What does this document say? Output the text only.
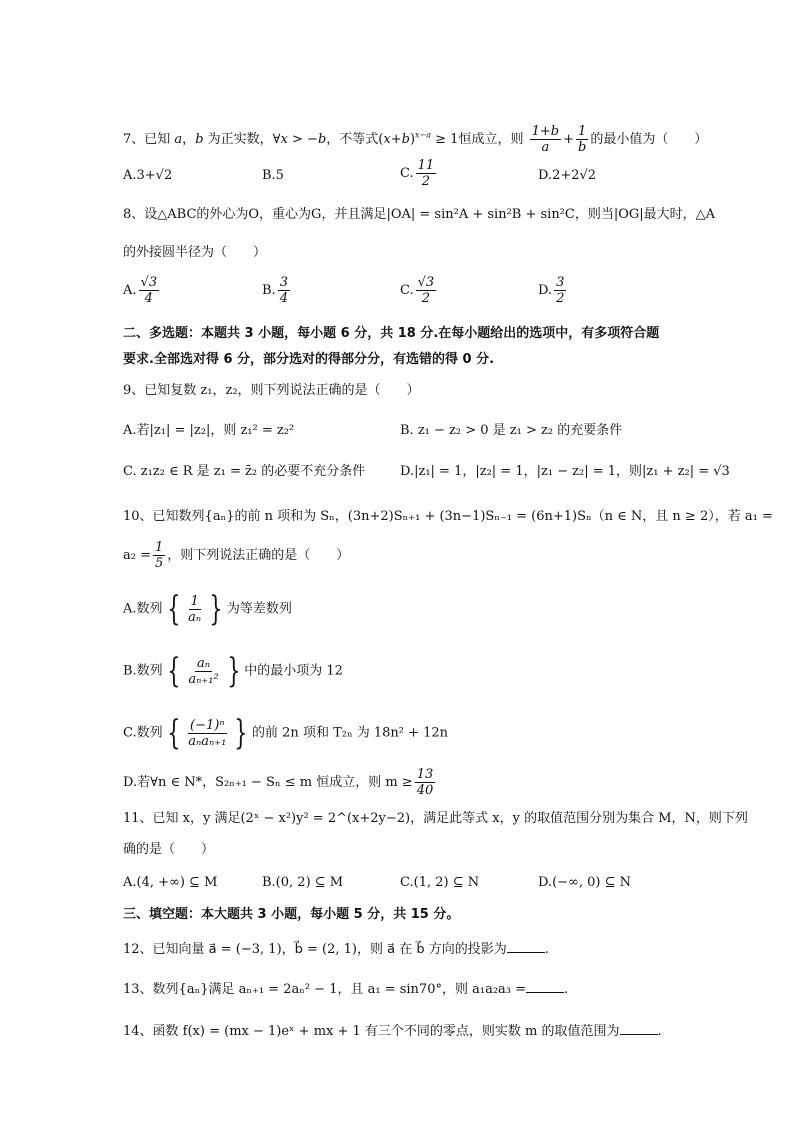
7、已知 a，b 为正实数，∀x > −b，不等式$(x+b)^{x-a} \ge 1$恒成立，则 $\frac{1+b}{a} + \frac{1}{b}$ 的最小值为（　　）
A.3+√2	B.5	C. $\frac{11}{2}$	D.2+2√2
8、设△ABC的外心为O，重心为G，并且满足|OA| = sin²A + sin²B + sin²C，则当|OG|最大时，△A
的外接圆半径为（　　）
A. $\frac{√3}{4}$	B. $\frac{3}{4}$	C. $\frac{√3}{2}$	D. $\frac{3}{2}$
二、多选题：本题共 3 小题，每小题 6 分，共 18 分.在每小题给出的选项中，有多项符合题
要求.全部选对得 6 分，部分选对的得部分分，有选错的得 0 分.
9、已知复数 z₁，z₂，则下列说法正确的是（　　）
A.若|z₁| = |z₂|，则 z₁² = z₂²	B. z₁ − z₂ > 0 是 z₁ > z₂ 的充要条件
C. z₁z₂ ∈ R 是 z₁ = z̄₂ 的必要不充分条件	D.|z₁| = 1，|z₂| = 1，|z₁ − z₂| = 1，则|z₁ + z₂| = √3
10、已知数列{aₙ}的前 n 项和为 Sₙ，(3n+2)Sₙ₊₁ + (3n−1)Sₙ₋₁ = (6n+1)Sₙ（n ∈ N，且 n ≥ 2），若 a₁ =
$a_2 = \frac{1}{5}$ ，则下列说法正确的是（　　）
A.数列 { $\frac{1}{\text{aₙ}}$ } 为等差数列
B.数列 { $\frac{\text{aₙ}}{\text{aₙ₊₁²}}$ } 中的最小项为 12
C.数列 { $\frac{\text{(−1)ⁿ}}{\text{aₙaₙ₊₁}}$ } 的前 2n 项和 T₂ₙ 为 18n² + 12n
D.若∀n ∈ N*，S₂ₙ₊₁ − Sₙ ≤ m 恒成立，则 $m \ge \frac{13}{40}$
11、已知 x，y 满足(2ˣ − x²)y² = 2^(x+2y−2)，满足此等式 x，y 的取值范围分别为集合 M，N，则下列
确的是（　　）
A.(4, +∞) ⊆ M	B.(0, 2) ⊆ M	C.(1, 2) ⊆ N	D.(−∞, 0) ⊆ N
三、填空题：本大题共 3 小题，每小题 5 分，共 15 分。
12、已知向量 a⃗ = (−3, 1)，b⃗ = (2, 1)，则 a⃗ 在 b⃗ 方向的投影为	.
13、数列{aₙ}满足 aₙ₊₁ = 2aₙ² − 1，且 a₁ = sin70°，则 a₁a₂a₃ =	.
14、函数 f(x) = (mx − 1)eˣ + mx + 1 有三个不同的零点，则实数 m 的取值范围为	.
